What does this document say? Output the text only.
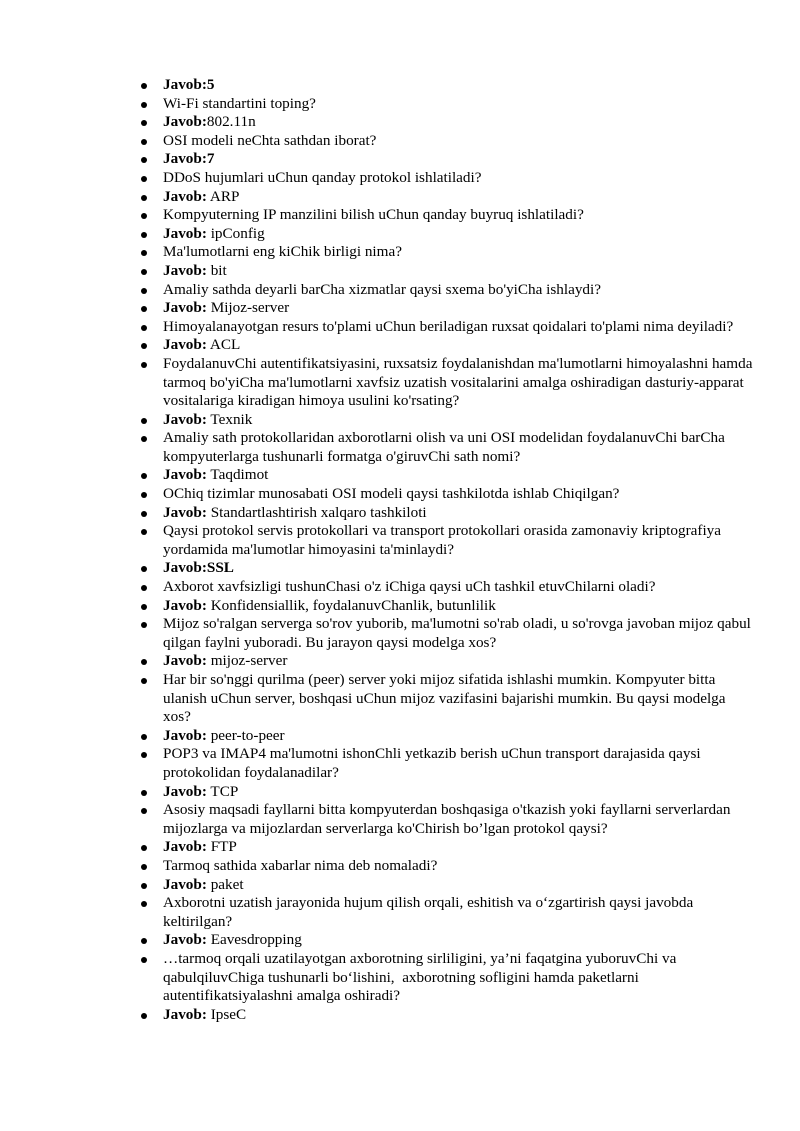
Javob:5
Wi-Fi standartini toping?
Javob:802.11n
OSI modeli neChta sathdan iborat?
Javob:7
DDoS hujumlari uChun qanday protokol ishlatiladi?
Javob: ARP
Kompyuterning IP manzilini bilish uChun qanday buyruq ishlatiladi?
Javob: ipConfig
Ma'lumotlarni eng kiChik birligi nima?
Javob: bit
Amaliy sathda deyarli barCha xizmatlar qaysi sxema bo'yiCha ishlaydi?
Javob: Mijoz-server
Himoyalanayotgan resurs to'plami uChun beriladigan ruxsat qoidalari to'plami nima deyiladi?
Javob: ACL
FoydalanuvChi autentifikatsiyasini, ruxsatsiz foydalanishdan ma'lumotlarni himoyalashni hamda tarmoq bo'yiCha ma'lumotlarni xavfsiz uzatish vositalarini amalga oshiradigan dasturiy-apparat vositalariga kiradigan himoya usulini ko'rsating?
Javob: Texnik
Amaliy sath protokollaridan axborotlarni olish va uni OSI modelidan foydalanuvChi barCha kompyuterlarga tushunarli formatga o'giruvChi sath nomi?
Javob: Taqdimot
OChiq tizimlar munosabati OSI modeli qaysi tashkilotda ishlab Chiqilgan?
Javob: Standartlashtirish xalqaro tashkiloti
Qaysi protokol servis protokollari va transport protokollari orasida zamonaviy kriptografiya yordamida ma'lumotlar himoyasini ta'minlaydi?
Javob:SSL
Axborot xavfsizligi tushunChasi o'z iChiga qaysi uCh tashkil etuvChilarni oladi?
Javob: Konfidensiallik, foydalanuvChanlik, butunlilik
Mijoz so'ralgan serverga so'rov yuborib, ma'lumotni so'rab oladi, u so'rovga javoban mijoz qabul qilgan faylni yuboradi. Bu jarayon qaysi modelga xos?
Javob: mijoz-server
Har bir so'nggi qurilma (peer) server yoki mijoz sifatida ishlashi mumkin. Kompyuter bitta ulanish uChun server, boshqasi uChun mijoz vazifasini bajarishi mumkin. Bu qaysi modelga xos?
Javob: peer-to-peer
POP3 va IMAP4 ma'lumotni ishonChli yetkazib berish uChun transport darajasida qaysi protokolidan foydalanadilar?
Javob: TCP
Asosiy maqsadi fayllarni bitta kompyuterdan boshqasiga o'tkazish yoki fayllarni serverlardan mijozlarga va mijozlardan serverlarga ko'Chirish bo’lgan protokol qaysi?
Javob: FTP
Tarmoq sathida xabarlar nima deb nomaladi?
Javob: paket
Axborotni uzatish jarayonida hujum qilish orqali, eshitish va o‘zgartirish qaysi javobda keltirilgan?
Javob: Eavesdropping
…tarmoq orqali uzatilayotgan axborotning sirliligini, ya’ni faqatgina yuboruvChi va qabulqiluvChiga tushunarli bo‘lishini,  axborotning sofligini hamda paketlarni autentifikatsiyalashni amalga oshiradi?
Javob: IpseC
